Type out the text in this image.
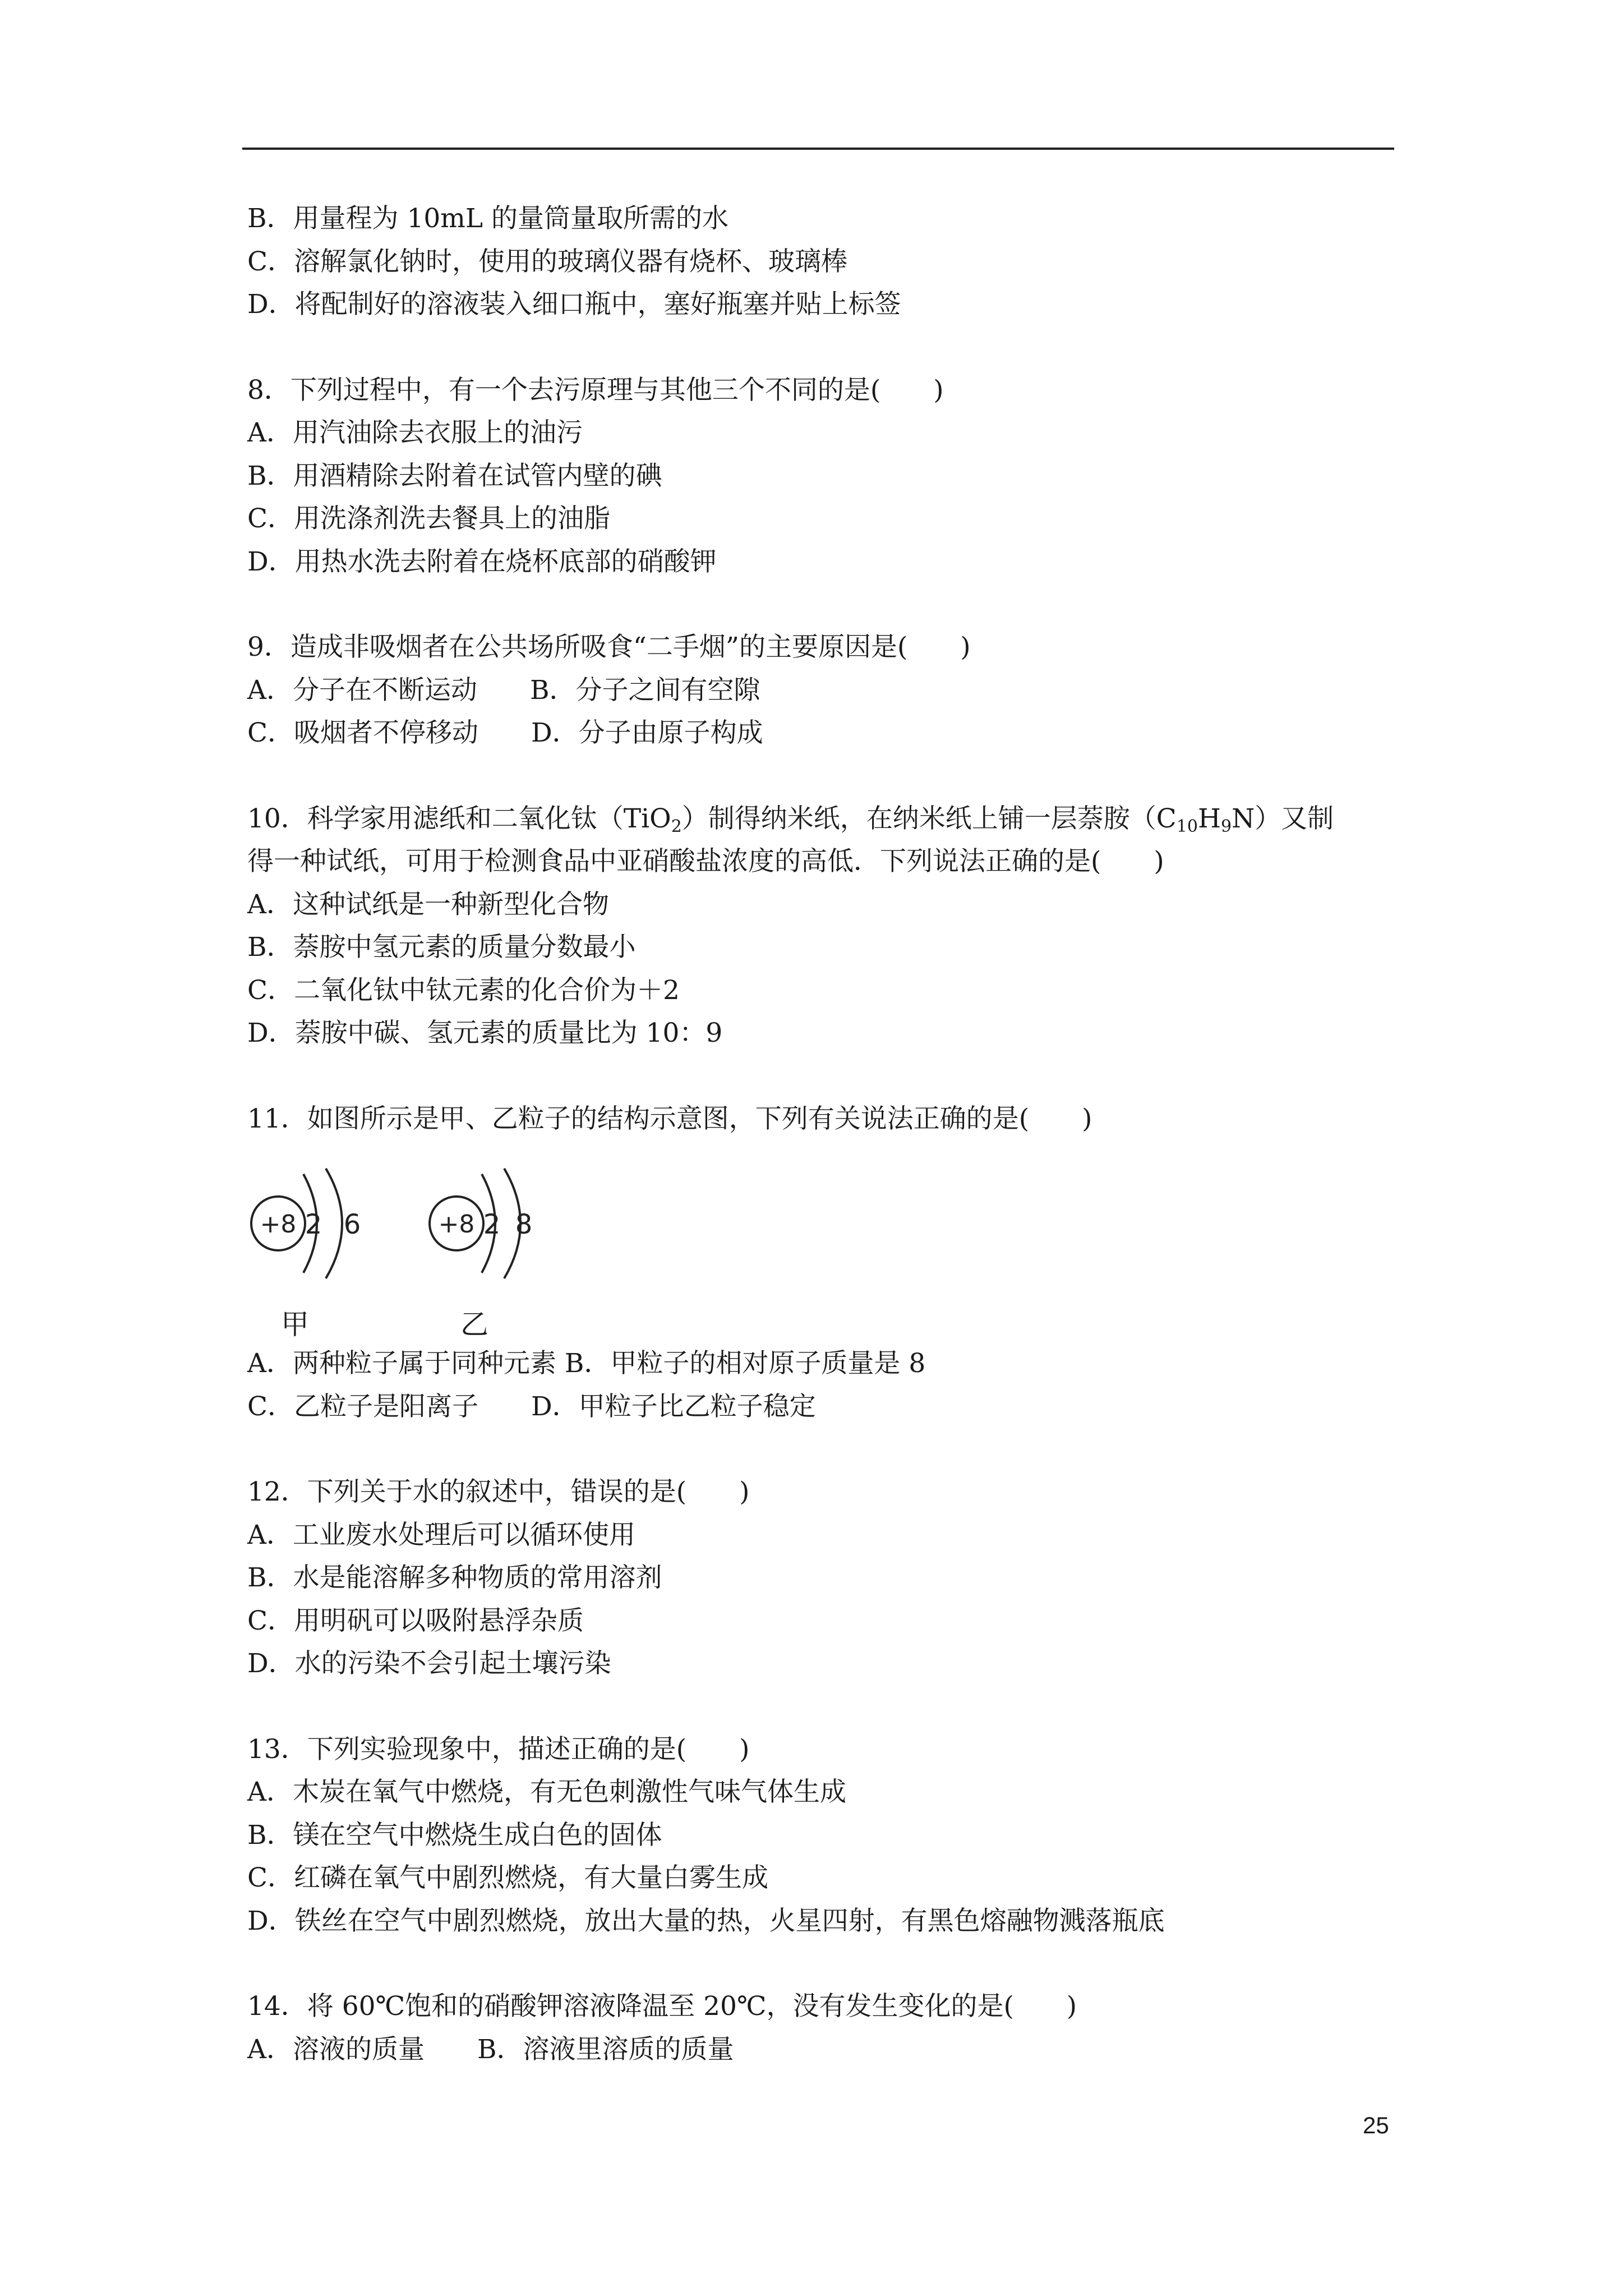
B．用量程为 10mL 的量筒量取所需的水
C．溶解氯化钠时，使用的玻璃仪器有烧杯、玻璃棒
D．将配制好的溶液装入细口瓶中，塞好瓶塞并贴上标签
8．下列过程中，有一个去污原理与其他三个不同的是(　　)
A．用汽油除去衣服上的油污
B．用酒精除去附着在试管内壁的碘
C．用洗涤剂洗去餐具上的油脂
D．用热水洗去附着在烧杯底部的硝酸钾
9．造成非吸烟者在公共场所吸食“二手烟”的主要原因是(　　)
A．分子在不断运动　　B．分子之间有空隙
C．吸烟者不停移动　　D．分子由原子构成
10．科学家用滤纸和二氧化钛（TiO$_2$）制得纳米纸，在纳米纸上铺一层萘胺$(C_{10}H_9N)$又制
得一种试纸，可用于检测食品中亚硝酸盐浓度的高低．下列说法正确的是(　　)
A．这种试纸是一种新型化合物
B．萘胺中氢元素的质量分数最小
C．二氧化钛中钛元素的化合价为＋2
D．萘胺中碳、氢元素的质量比为 10：9
11．如图所示是甲、乙粒子的结构示意图，下列有关说法正确的是(　　)
+8 2 6
甲
+8 2 8
乙
A．两种粒子属于同种元素 B．甲粒子的相对原子质量是 8
C．乙粒子是阳离子　　D．甲粒子比乙粒子稳定
12．下列关于水的叙述中，错误的是(　　)
A．工业废水处理后可以循环使用
B．水是能溶解多种物质的常用溶剂
C．用明矾可以吸附悬浮杂质
D．水的污染不会引起土壤污染
13．下列实验现象中，描述正确的是(　　)
A．木炭在氧气中燃烧，有无色刺激性气味气体生成
B．镁在空气中燃烧生成白色的固体
C．红磷在氧气中剧烈燃烧，有大量白雾生成
D．铁丝在空气中剧烈燃烧，放出大量的热，火星四射，有黑色熔融物溅落瓶底
14．将 60℃饱和的硝酸钾溶液降温至 20℃，没有发生变化的是(　　)
A．溶液的质量　　B．溶液里溶质的质量
25
